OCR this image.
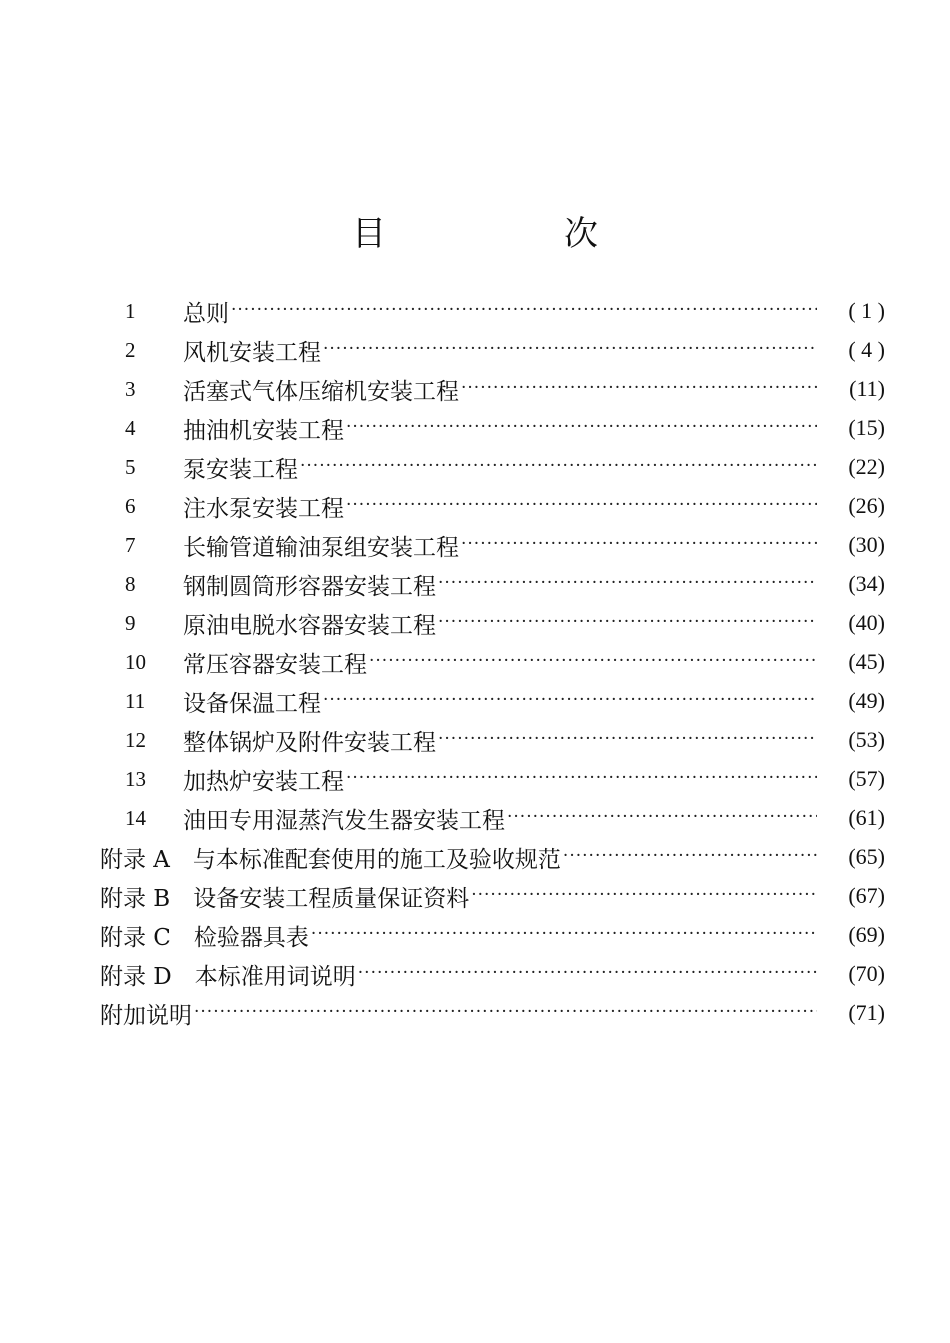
目　次
1	总则 ·····	( 1 )
2	风机安装工程 ·····	( 4 )
3	活塞式气体压缩机安装工程 ·····	(11)
4	抽油机安装工程 ·····	(15)
5	泵安装工程 ·····	(22)
6	注水泵安装工程 ·····	(26)
7	长输管道输油泵组安装工程 ·····	(30)
8	钢制圆筒形容器安装工程 ·····	(34)
9	原油电脱水容器安装工程 ·····	(40)
10	常压容器安装工程 ·····	(45)
11	设备保温工程 ·····	(49)
12	整体锅炉及附件安装工程 ·····	(53)
13	加热炉安装工程 ·····	(57)
14	油田专用湿蒸汽发生器安装工程 ·····	(61)
附录 A　与本标准配套使用的施工及验收规范 ·····	(65)
附录 B　设备安装工程质量保证资料 ·····	(67)
附录 C　检验器具表 ·····	(69)
附录 D　本标准用词说明 ·····	(70)
附加说明 ·····	(71)
